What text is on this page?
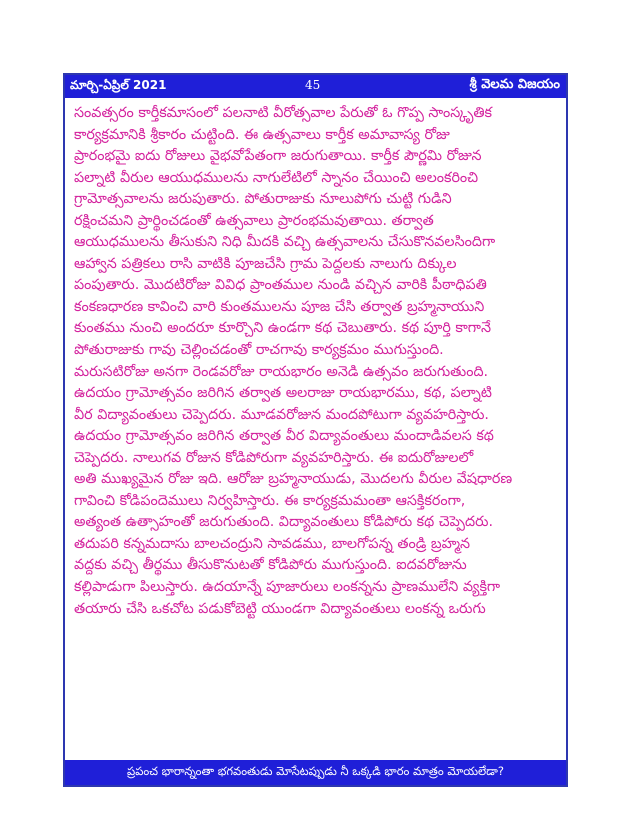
మార్చి-ఏప్రిల్ 2021	45	శ్రీ వెలమ విజయం
సంవత్సరం కార్తీకమాసంలో పలనాటి వీరోత్సవాల పేరుతో ఓ గొప్ప సాంస్కృతిక
కార్యక్రమానికి శ్రీకారం చుట్టింది. ఈ ఉత్సవాలు కార్తీక అమావాస్య రోజు
ప్రారంభమై ఐదు రోజులు వైభవోపేతంగా జరుగుతాయి. కార్తీక పౌర్ణమి రోజున
పల్నాటి వీరుల ఆయుధములను నాగులేటిలో స్నానం చేయించి అలంకరించి
గ్రామోత్సవాలను జరుపుతారు. పోతురాజుకు నూలుపోగు చుట్టి గుడిని
రక్షించమని ప్రార్థించడంతో ఉత్సవాలు ప్రారంభమవుతాయి. తర్వాత
ఆయుధములను తీసుకుని నిధి మీదకి వచ్చి ఉత్సవాలను చేసుకొనవలసిందిగా
ఆహ్వాన పత్రికలు రాసి వాటికి పూజచేసి గ్రామ పెద్దలకు నాలుగు దిక్కుల
పంపుతారు. మొదటిరోజు వివిధ ప్రాంతముల నుండి వచ్చిన వారికి పీఠాధిపతి
కంకణధారణ కావించి వారి కుంతములను పూజ చేసి తర్వాత బ్రహ్మనాయుని
కుంతము నుంచి అందరూ కూర్చొని ఉండగా కథ చెబుతారు. కథ పూర్తి కాగానే
పోతురాజుకు గావు చెల్లించడంతో రాచగావు కార్యక్రమం ముగుస్తుంది.
మరుసటిరోజు అనగా రెండవరోజు రాయభారం అనెడి ఉత్సవం జరుగుతుంది.
ఉదయం గ్రామోత్సవం జరిగిన తర్వాత అలరాజు రాయభారము, కథ, పల్నాటి
వీర విద్యావంతులు చెప్పెదరు. మూడవరోజున మందపోటుగా వ్యవహరిస్తారు.
ఉదయం గ్రామోత్సవం జరిగిన తర్వాత వీర విద్యావంతులు మందాడివలస కథ
చెప్పెదరు. నాలుగవ రోజున కోడిపోరుగా వ్యవహరిస్తారు. ఈ ఐదురోజులలో
అతి ముఖ్యమైన రోజు ఇది. ఆరోజు బ్రహ్మనాయుడు, మొదలగు వీరుల వేషధారణ
గావించి కోడిపందెములు నిర్వహిస్తారు. ఈ కార్యక్రమమంతా ఆసక్తికరంగా,
అత్యంత ఉత్సాహంతో జరుగుతుంది. విద్యావంతులు కోడిపోరు కథ చెప్పెదరు.
తదుపరి కన్నమదాసు బాలచంద్రుని సావడము, బాలగోపన్న తండ్రి బ్రహ్మన
వద్దకు వచ్చి తీర్థము తీసుకొనుటతో కోడిపోరు ముగుస్తుంది. ఐదవరోజును
కల్లిపాడుగా పిలుస్తారు. ఉదయాన్నే పూజారులు లంకన్నను ప్రాణములేని వ్యక్తిగా
తయారు చేసి ఒకచోట పడుకోబెట్టి యుండగా విద్యావంతులు లంకన్న ఒరుగు
ప్రపంచ భారాన్నంతా భగవంతుడు మోసేటప్పుడు నీ ఒక్కడి భారం మాత్రం మోయలేడా?
